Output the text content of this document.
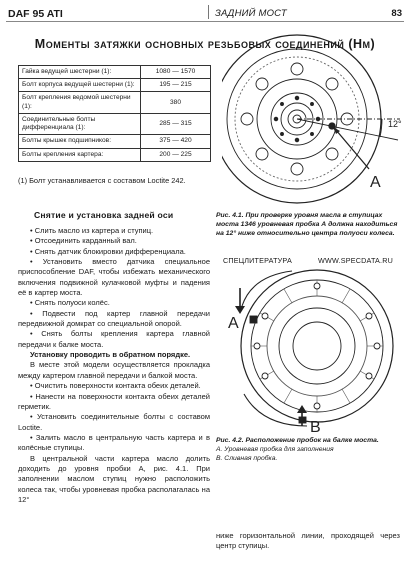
DAF 95 ATI	ЗАДНИЙ МОСТ	83
Моменты затяжки основных резьбовых соединений (Нм)
Гайка ведущей шестерни (1):	1080 — 1570
Болт корпуса ведущей шестерни (1):	195 — 215
Болт крепления ведомой шестерни (1):	380
Соединительные болты дифференциала (1):	285 — 315
Болты крышек подшипников:	375 — 420
Болты крепления картера:	200 — 225
(1) Болт устанавливается с составом Loctite 242.
Снятие и установка задней оси

• Слить масло из картера и ступиц.

• Отсоединить карданный вал.

• Снять датчик блокировки дифференциала.

• Установить вместо датчика специальное приспособление DAF, чтобы избежать механического включения подвижной кулачковой муфты и падения её в картер моста.

• Снять полуоси колёс.

• Подвести под картер главной передачи передвижной домкрат со специальной опорой.

• Снять болты крепления картера главной передачи к балке моста.

Установку проводить в обратном порядке.

В месте этой модели осуществляется прокладка между картером главной передачи и балкой моста.

• Очистить поверхности контакта обеих деталей.

• Нанести на поверхности контакта обеих деталей герметик.

• Установить соединительные болты с составом Loctite.

• Залить масло в центральную часть картера и в колёсные ступицы.

В центральной части картера масло долить доходить до уровня пробки А, рис. 4.1. При заполнении маслом ступиц нужно расположить колеса так, чтобы уровневая пробка располагалась на 12°

12°
A
Рис. 4.1. При проверке уровня масла в ступицах моста 1346 уровневая пробка А должна находиться на 12° ниже относительно центра полуоси колеса.
СПЕЦЛИТЕРАТУРА	WWW.SPECDATA.RU
A
B
Рис. 4.2. Расположение пробок на балке моста.
А. Уровневая пробка для заполнения
В. Сливная пробка.
ниже горизонтальной линии, проходящей через центр ступицы.
